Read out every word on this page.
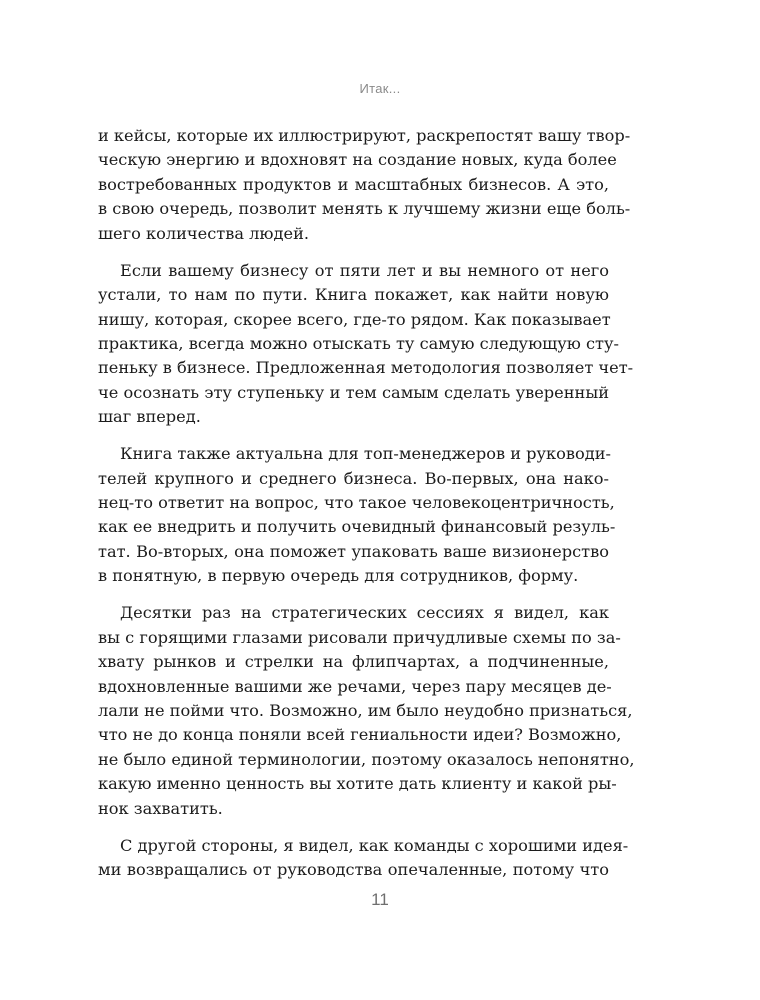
Итак...
и кейсы, которые их иллюстрируют, раскрепостят вашу твор-
ческую энергию и вдохновят на создание новых, куда более
востребованных продуктов и масштабных бизнесов. А это,
в свою очередь, позволит менять к лучшему жизни еще боль-
шего количества людей.
Если вашему бизнесу от пяти лет и вы немного от него
устали, то нам по пути. Книга покажет, как найти новую
нишу, которая, скорее всего, где-то рядом. Как показывает
практика, всегда можно отыскать ту самую следующую сту-
пеньку в бизнесе. Предложенная методология позволяет чет-
че осознать эту ступеньку и тем самым сделать уверенный
шаг вперед.
Книга также актуальна для топ-менеджеров и руководи-
телей крупного и среднего бизнеса. Во-первых, она нако-
нец-то ответит на вопрос, что такое человекоцентричность,
как ее внедрить и получить очевидный финансовый резуль-
тат. Во-вторых, она поможет упаковать ваше визионерство
в понятную, в первую очередь для сотрудников, форму.
Десятки раз на стратегических сессиях я видел, как
вы с горящими глазами рисовали причудливые схемы по за-
хвату рынков и стрелки на флипчартах, а подчиненные,
вдохновленные вашими же речами, через пару месяцев де-
лали не пойми что. Возможно, им было неудобно признаться,
что не до конца поняли всей гениальности идеи? Возможно,
не было единой терминологии, поэтому оказалось непонятно,
какую именно ценность вы хотите дать клиенту и какой ры-
нок захватить.
С другой стороны, я видел, как команды с хорошими идея-
ми возвращались от руководства опечаленные, потому что
11
